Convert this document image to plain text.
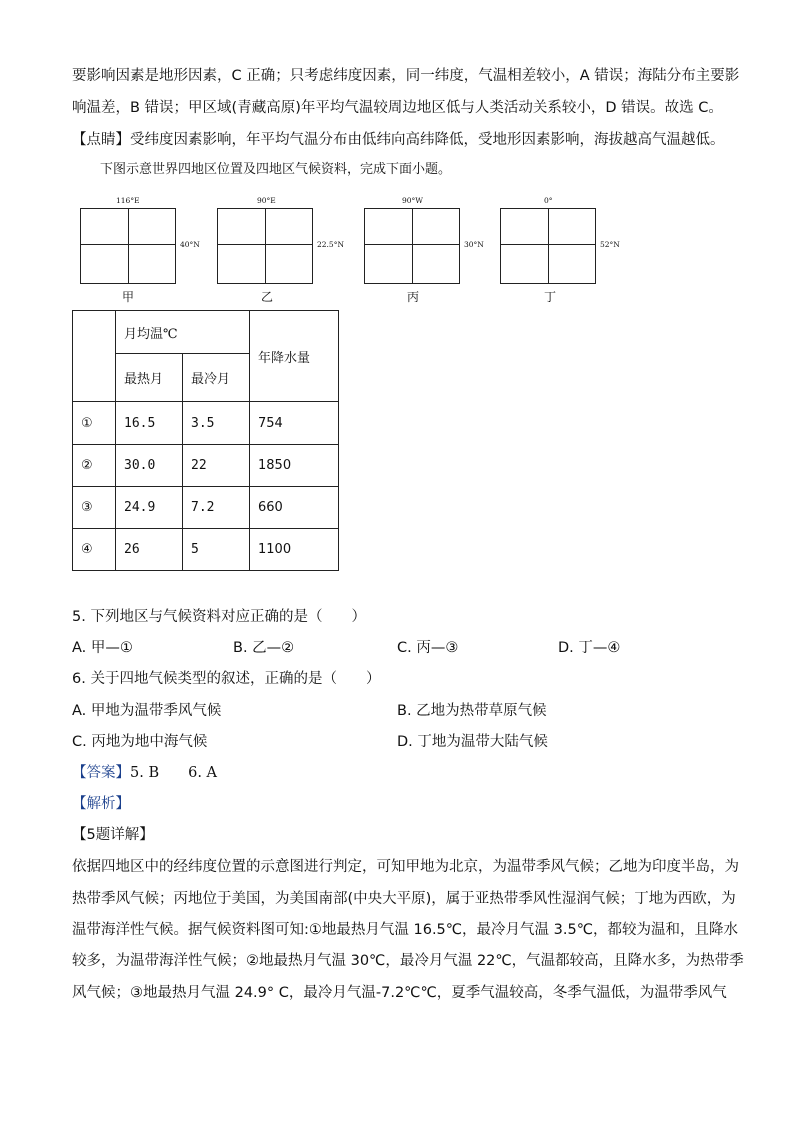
要影响因素是地形因素，C 正确；只考虑纬度因素，同一纬度，气温相差较小，A 错误；海陆分布主要影
响温差，B 错误；甲区域(青藏高原)年平均气温较周边地区低与人类活动关系较小，D 错误。故选 C。
【点睛】受纬度因素影响，年平均气温分布由低纬向高纬降低，受地形因素影响，海拔越高气温越低。
下图示意世界四地区位置及四地区气候资料，完成下面小题。
116°E
40°N
甲
90°E
22.5°N
乙
90°W
30°N
丙
0°
52°N
丁
	月均温℃		年降水量
	最热月	最冷月	
①	16.5	3.5	754
②	30.0	22	1850
③	24.9	7.2	660
④	26	5	1100
5. 下列地区与气候资料对应正确的是（　　）
A. 甲—①	B. 乙—②	C. 丙—③	D. 丁—④
6. 关于四地气候类型的叙述，正确的是（　　）
A. 甲地为温带季风气候	B. 乙地为热带草原气候
C. 丙地为地中海气候	D. 丁地为温带大陆气候
【答案】5. B　　6. A
【解析】
【5题详解】
依据四地区中的经纬度位置的示意图进行判定，可知甲地为北京，为温带季风气候；乙地为印度半岛，为
热带季风气候；丙地位于美国，为美国南部(中央大平原)，属于亚热带季风性湿润气候；丁地为西欧，为
温带海洋性气候。据气候资料图可知:①地最热月气温 16.5℃，最冷月气温 3.5℃，都较为温和，且降水
较多，为温带海洋性气候；②地最热月气温 30℃，最冷月气温 22℃，气温都较高，且降水多，为热带季
风气候；③地最热月气温 24.9° C，最冷月气温-7.2℃℃，夏季气温较高，冬季气温低，为温带季风气
